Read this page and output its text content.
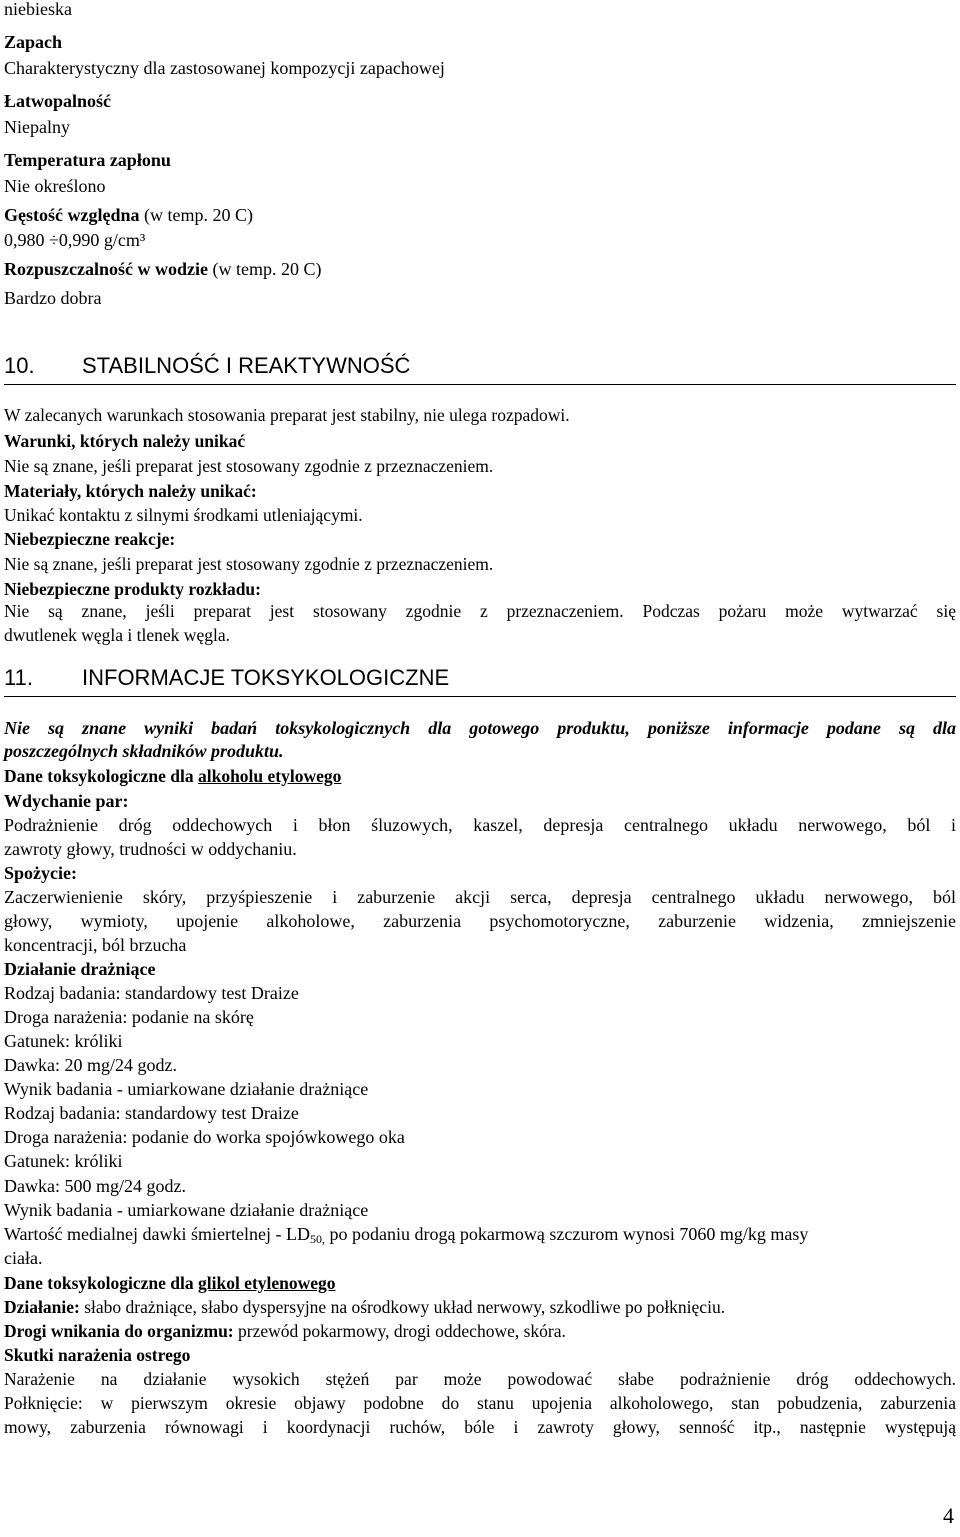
niebieska
Zapach
Charakterystyczny dla zastosowanej kompozycji zapachowej
Łatwopalność
Niepalny
Temperatura zapłonu
Nie określono
Gęstość względna (w temp. 20 C)
0,980 ÷0,990 g/cm³
Rozpuszczalność w wodzie (w temp. 20 C)
Bardzo dobra
10. STABILNOŚĆ I REAKTYWNOŚĆ
W zalecanych warunkach stosowania preparat jest stabilny, nie ulega rozpadowi.
Warunki, których należy unikać
Nie są znane, jeśli preparat jest stosowany zgodnie z przeznaczeniem.
Materiały, których należy unikać:
Unikać kontaktu z silnymi środkami utleniającymi.
Niebezpieczne reakcje:
Nie są znane, jeśli preparat jest stosowany zgodnie z przeznaczeniem.
Niebezpieczne produkty rozkładu:
Nie są znane, jeśli preparat jest stosowany zgodnie z przeznaczeniem. Podczas pożaru może wytwarzać się
dwutlenek węgla i tlenek węgla.
11. INFORMACJE TOKSYKOLOGICZNE
Nie są znane wyniki badań toksykologicznych dla gotowego produktu, poniższe informacje podane są dla
poszczególnych składników produktu.
Dane toksykologiczne dla alkoholu etylowego
Wdychanie par:
Podrażnienie dróg oddechowych i błon śluzowych, kaszel, depresja centralnego układu nerwowego, ból i
zawroty głowy, trudności w oddychaniu.
Spożycie:
Zaczerwienienie skóry, przyśpieszenie i zaburzenie akcji serca, depresja centralnego układu nerwowego, ból
głowy, wymioty, upojenie alkoholowe, zaburzenia psychomotoryczne, zaburzenie widzenia, zmniejszenie
koncentracji, ból brzucha
Działanie drażniące
Rodzaj badania: standardowy test Draize
Droga narażenia: podanie na skórę
Gatunek: króliki
Dawka: 20 mg/24 godz.
Wynik badania - umiarkowane działanie drażniące
Rodzaj badania: standardowy test Draize
Droga narażenia: podanie do worka spojówkowego oka
Gatunek: króliki
Dawka: 500 mg/24 godz.
Wynik badania - umiarkowane działanie drażniące
Wartość medialnej dawki śmiertelnej - $LD_{50,}$ po podaniu drogą pokarmową szczurom wynosi 7060 mg/kg masy
ciała.
Dane toksykologiczne dla glikol etylenowego
Działanie: słabo drażniące, słabo dyspersyjne na ośrodkowy układ nerwowy, szkodliwe po połknięciu.
Drogi wnikania do organizmu: przewód pokarmowy, drogi oddechowe, skóra.
Skutki narażenia ostrego
Narażenie na działanie wysokich stężeń par może powodować słabe podrażnienie dróg oddechowych.
Połknięcie: w pierwszym okresie objawy podobne do stanu upojenia alkoholowego, stan pobudzenia, zaburzenia
mowy, zaburzenia równowagi i koordynacji ruchów, bóle i zawroty głowy, senność itp., następnie występują
4
